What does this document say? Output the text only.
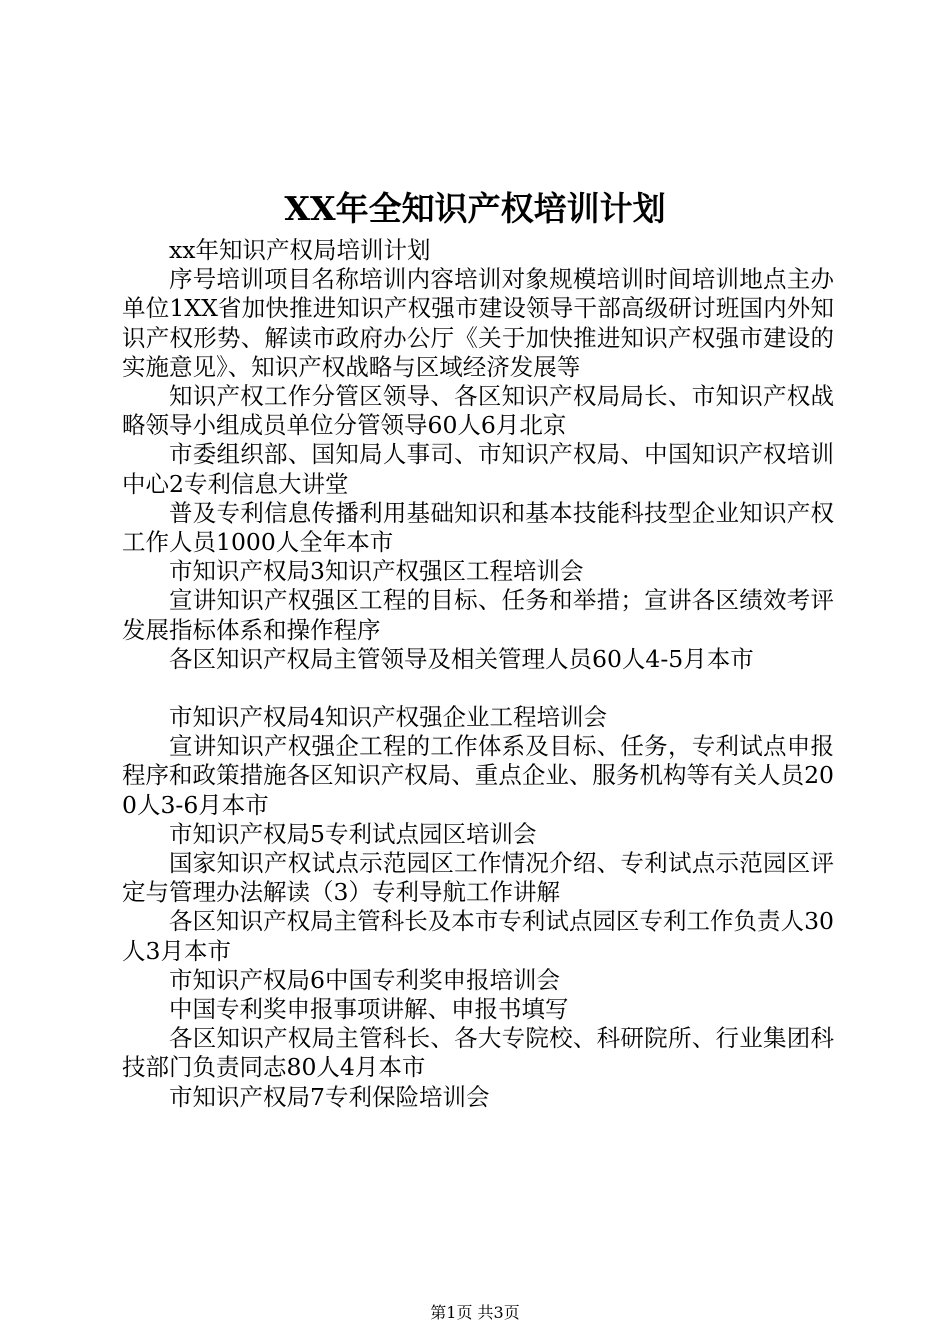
XX年全知识产权培训计划

xx年知识产权局培训计划

序号培训项目名称培训内容培训对象规模培训时间培训地点主办单位1XX省加快推进知识产权强市建设领导干部高级研讨班国内外知识产权形势、解读市政府办公厅《关于加快推进知识产权强市建设的实施意见》、知识产权战略与区域经济发展等

知识产权工作分管区领导、各区知识产权局局长、市知识产权战略领导小组成员单位分管领导60人6月北京

市委组织部、国知局人事司、市知识产权局、中国知识产权培训中心2专利信息大讲堂

普及专利信息传播利用基础知识和基本技能科技型企业知识产权工作人员1000人全年本市

市知识产权局3知识产权强区工程培训会

宣讲知识产权强区工程的目标、任务和举措；宣讲各区绩效考评发展指标体系和操作程序

各区知识产权局主管领导及相关管理人员60人4-5月本市

市知识产权局4知识产权强企业工程培训会

宣讲知识产权强企工程的工作体系及目标、任务，专利试点申报程序和政策措施各区知识产权局、重点企业、服务机构等有关人员200人3-6月本市

市知识产权局5专利试点园区培训会

国家知识产权试点示范园区工作情况介绍、专利试点示范园区评定与管理办法解读（3）专利导航工作讲解

各区知识产权局主管科长及本市专利试点园区专利工作负责人30人3月本市

市知识产权局6中国专利奖申报培训会

中国专利奖申报事项讲解、申报书填写

各区知识产权局主管科长、各大专院校、科研院所、行业集团科技部门负责同志80人4月本市

市知识产权局7专利保险培训会

第1页 共3页
